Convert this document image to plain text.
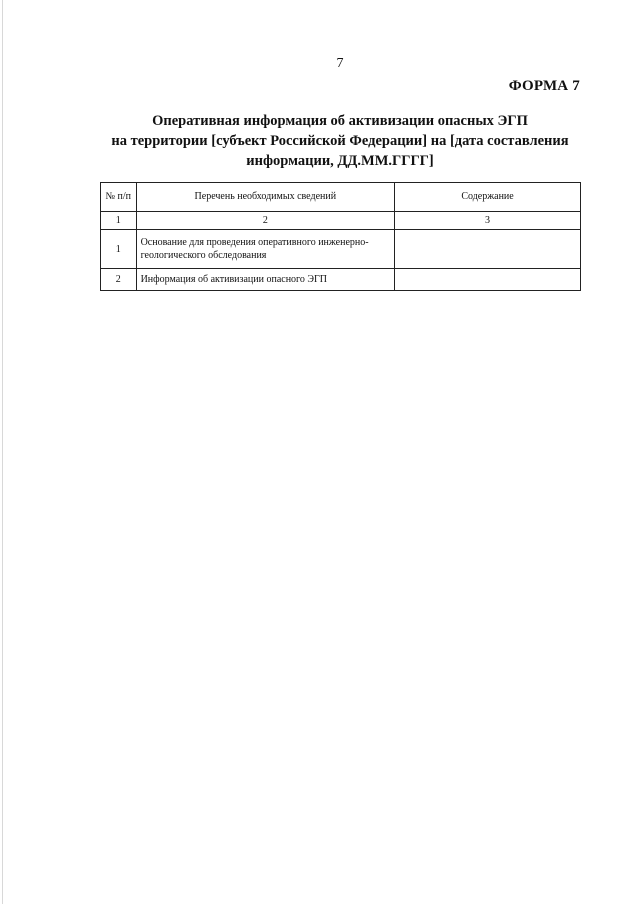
7
ФОРМА 7
Оперативная информация об активизации опасных ЭГП
на территории [субъект Российской Федерации] на [дата составления
информации, ДД.ММ.ГГГГ]
№ п/п	Перечень необходимых сведений	Содержание
1	2	3
1	Основание для проведения оперативного инженерно-геологического обследования	
2	Информация об активизации опасного ЭГП	
